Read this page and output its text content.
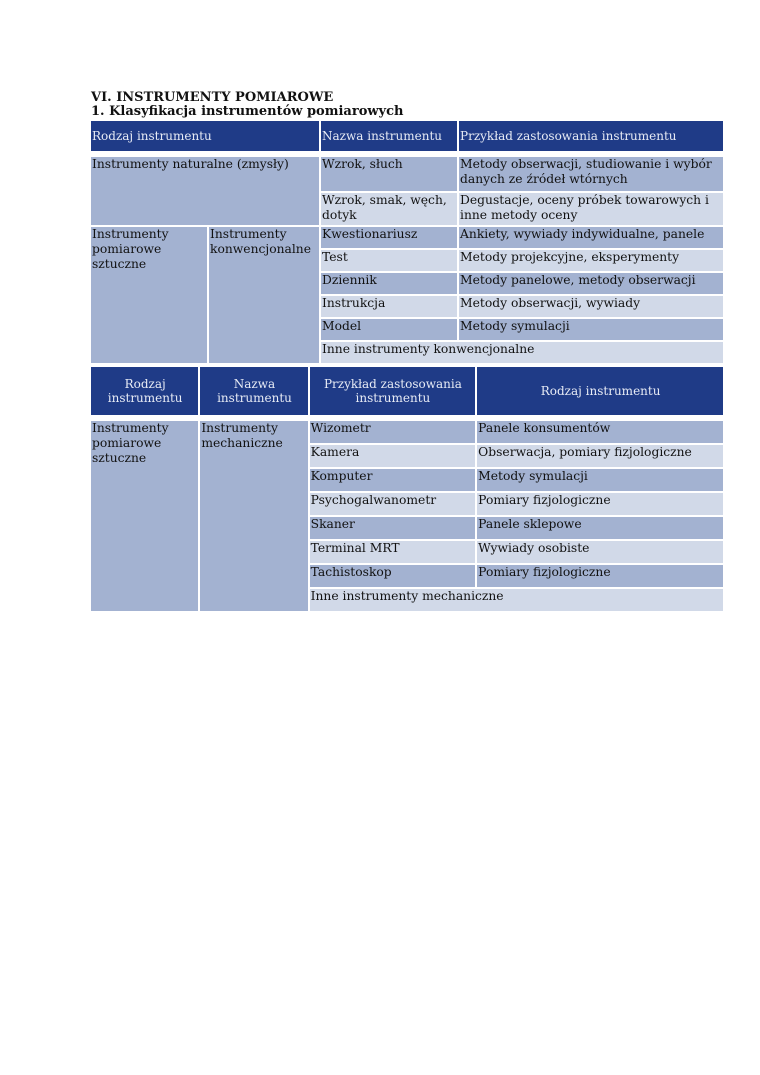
VI. INSTRUMENTY POMIAROWE

1. Klasyfikacja instrumentów pomiarowych

Rodzaj instrumentu		Nazwa instrumentu	Przykład zastosowania instrumentu

Instrumenty naturalne (zmysły)		Wzrok, słuch	Metody obserwacji, studiowanie i wybór danych ze źródeł wtórnych
		Wzrok, smak, węch, dotyk	Degustacje, oceny próbek towarowych i inne metody oceny
Instrumenty pomiarowe sztuczne	Instrumenty konwencjonalne	Kwestionariusz	Ankiety, wywiady indywidualne, panele
		Test	Metody projekcyjne, eksperymenty
		Dziennik	Metody panelowe, metody obserwacji
		Instrukcja	Metody obserwacji, wywiady
		Model	Metody symulacji
		Inne instrumenty konwencjonalne	
Rodzaj instrumentu	Nazwa instrumentu	Przykład zastosowania instrumentu	Rodzaj instrumentu

Instrumenty pomiarowe sztuczne	Instrumenty mechaniczne	Wizometr	Panele konsumentów
		Kamera	Obserwacja, pomiary fizjologiczne
		Komputer	Metody symulacji
		Psychogalwanometr	Pomiary fizjologiczne
		Skaner	Panele sklepowe
		Terminal MRT	Wywiady osobiste
		Tachistoskop	Pomiary fizjologiczne
		Inne instrumenty mechaniczne	
